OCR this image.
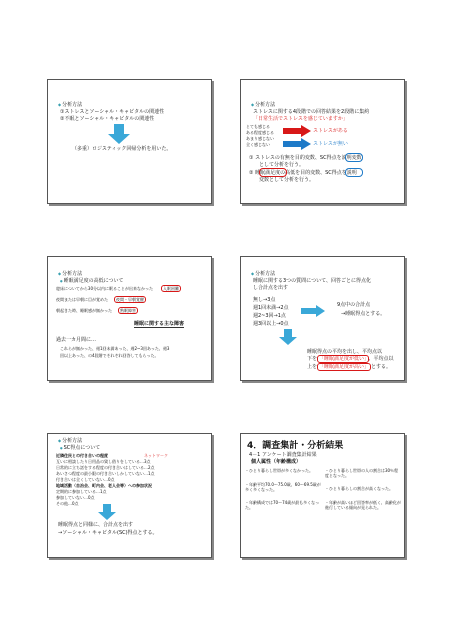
◆ 分析方法
①ストレスとソーシャル・キャピタルの関連性
②不眠とソーシャル・キャピタルの関連性
（多重）ロジスティック回帰分析を用いた。
◆ 分析方法
ストレスに関する4段階での回答結果を2段階に集約
「日常生活でストレスを感じていますか」
とても感じる
ある程度感じる
あまり感じない
全く感じない
ストレスがある
ストレスが無い
① ストレスの有無を目的変数、SC得点を説明変数
として分析を行う。
② 睡眠満足度の高低を目的変数、SC得点を説明
変数として分析を行う。
◆ 分析方法
● 睡眠満足度の高低について
寝床についてから30分以内に眠ることが出来なかった	入眠困難
夜間または早朝に目が覚めた	夜間・早朝覚醒
朝起きた時、睡眠感が無かった	熟眠障害
睡眠に関する主な障害
過去一カ月間に…
これらが無かった、週1回未満あった、週2~3回あった、週3
回以上あった、の4段階でそれぞれ回答してもらった。
◆ 分析方法
睡眠に関する3つの質問について、回答ごとに得点化
し合計点を出す
無し→3点
週1回未満→2点
週2~3回→1点
週3回以上→0点
9点中の合計点
→睡眠得点とする。
睡眠得点の平均を出し、平均点以
下を 「睡眠満足度が低い」 、平均点以
上を 「睡眠満足度が高い」 とする。
◆ 分析方法
● SC得点について
近隣住民との付き合いの程度	ネットワーク
互いに相談したり日用品の貸し借りをしている…3点
日常的に立ち話をする程度の付き合いはしている…2点
あいさつ程度の最小限の付き合いしかしていない…1点
付き合いは全くしていない…0点
地域活動（自治会、町内会、老人会等）への参加状況
定期的に参加している…1点
参加していない…0点
その他…0点
睡眠得点と同様に、合計点を出す
→ソーシャル・キャピタル(SC)得点とする。
4．調査集計・分析結果
4－1 アンケート調査集計結果
個人属性（年齢構成）
・ひとり暮らし世帯が多くなかった。
・年齢平均70.0〜75.0歳、60〜69.5歳が多く多くなった。
・年齢構成では70〜74歳が最も多くなった。
・ひとり暮らし世帯の人の割合は30％程度となった。
・ひとり暮らしの割合が高くなった。
・年齢が高いほど回答率が低く、高齢化が進行している傾向が見られた。
